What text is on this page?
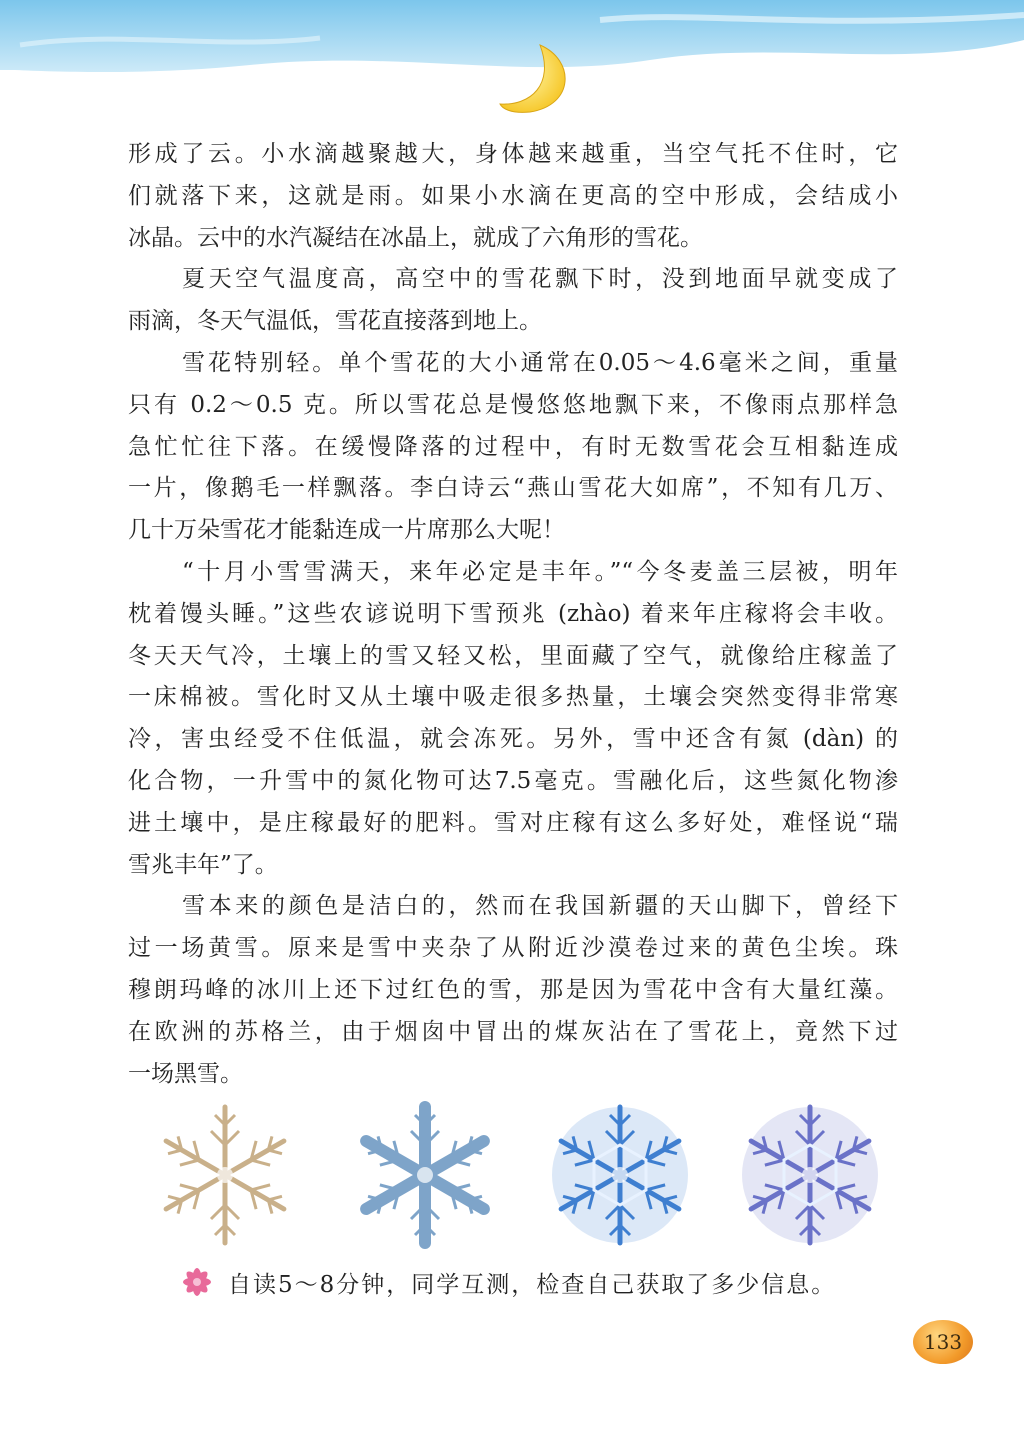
形成了云。小水滴越聚越大，身体越来越重，当空气托不住时，它
们就落下来，这就是雨。如果小水滴在更高的空中形成，会结成小
冰晶。云中的水汽凝结在冰晶上，就成了六角形的雪花。
夏天空气温度高，高空中的雪花飘下时，没到地面早就变成了
雨滴，冬天气温低，雪花直接落到地上。
雪花特别轻。单个雪花的大小通常在0.05～4.6毫米之间，重量
只有 0.2～0.5 克。所以雪花总是慢悠悠地飘下来，不像雨点那样急
急忙忙往下落。在缓慢降落的过程中，有时无数雪花会互相黏连成
一片，像鹅毛一样飘落。李白诗云“燕山雪花大如席”，不知有几万、
几十万朵雪花才能黏连成一片席那么大呢！
“十月小雪雪满天，来年必定是丰年。”“今冬麦盖三层被，明年
枕着馒头睡。”这些农谚说明下雪预兆 (zhào) 着来年庄稼将会丰收。
冬天天气冷，土壤上的雪又轻又松，里面藏了空气，就像给庄稼盖了
一床棉被。雪化时又从土壤中吸走很多热量，土壤会突然变得非常寒
冷，害虫经受不住低温，就会冻死。另外，雪中还含有氮 (dàn) 的
化合物，一升雪中的氮化物可达7.5毫克。雪融化后，这些氮化物渗
进土壤中，是庄稼最好的肥料。雪对庄稼有这么多好处，难怪说“瑞
雪兆丰年”了。
雪本来的颜色是洁白的，然而在我国新疆的天山脚下，曾经下
过一场黄雪。原来是雪中夹杂了从附近沙漠卷过来的黄色尘埃。珠
穆朗玛峰的冰川上还下过红色的雪，那是因为雪花中含有大量红藻。
在欧洲的苏格兰，由于烟囱中冒出的煤灰沾在了雪花上，竟然下过
一场黑雪。
自读5～8分钟，同学互测，检查自己获取了多少信息。
133
